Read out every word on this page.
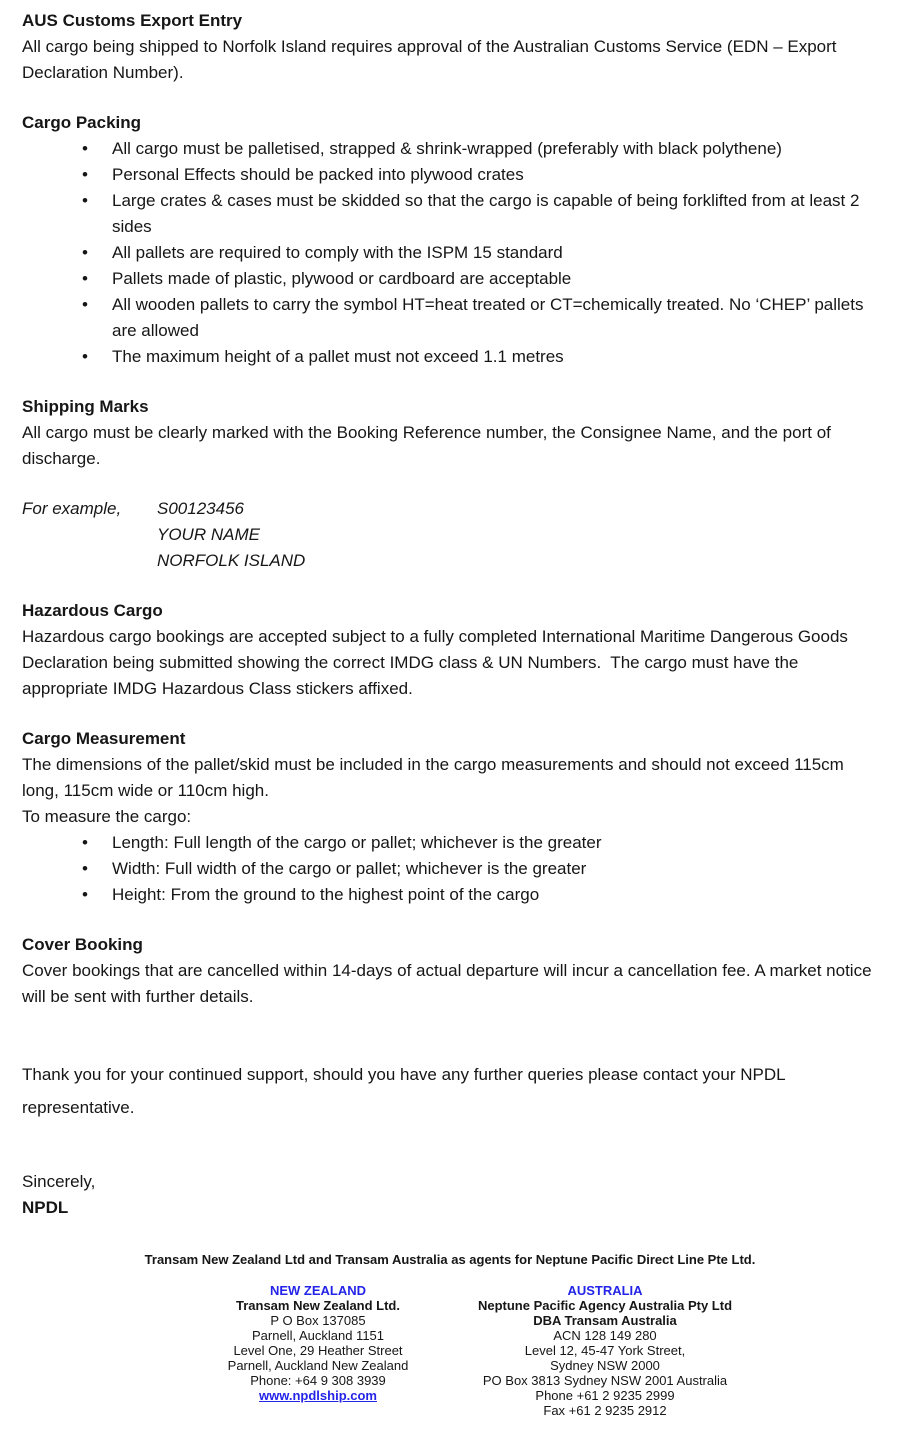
AUS Customs Export Entry
All cargo being shipped to Norfolk Island requires approval of the Australian Customs Service (EDN – Export Declaration Number).
Cargo Packing
• All cargo must be palletised, strapped & shrink-wrapped (preferably with black polythene)
• Personal Effects should be packed into plywood crates
• Large crates & cases must be skidded so that the cargo is capable of being forklifted from at least 2 sides
• All pallets are required to comply with the ISPM 15 standard
• Pallets made of plastic, plywood or cardboard are acceptable
• All wooden pallets to carry the symbol HT=heat treated or CT=chemically treated. No ‘CHEP’ pallets are allowed
• The maximum height of a pallet must not exceed 1.1 metres
Shipping Marks
All cargo must be clearly marked with the Booking Reference number, the Consignee Name, and the port of discharge.
For example,	S00123456
YOUR NAME
NORFOLK ISLAND
Hazardous Cargo
Hazardous cargo bookings are accepted subject to a fully completed International Maritime Dangerous Goods Declaration being submitted showing the correct IMDG class & UN Numbers.  The cargo must have the appropriate IMDG Hazardous Class stickers affixed.
Cargo Measurement
The dimensions of the pallet/skid must be included in the cargo measurements and should not exceed 115cm long, 115cm wide or 110cm high.
To measure the cargo:
• Length: Full length of the cargo or pallet; whichever is the greater
• Width: Full width of the cargo or pallet; whichever is the greater
• Height: From the ground to the highest point of the cargo
Cover Booking
Cover bookings that are cancelled within 14-days of actual departure will incur a cancellation fee. A market notice will be sent with further details.
Thank you for your continued support, should you have any further queries please contact your NPDL representative.
Sincerely,
NPDL
Transam New Zealand Ltd and Transam Australia as agents for Neptune Pacific Direct Line Pte Ltd.
NEW ZEALAND
Transam New Zealand Ltd.
P O Box 137085
Parnell, Auckland 1151
Level One, 29 Heather Street
Parnell, Auckland New Zealand
Phone: +64 9 308 3939
www.npdlship.com
AUSTRALIA
Neptune Pacific Agency Australia Pty Ltd
DBA Transam Australia
ACN 128 149 280
Level 12, 45-47 York Street,
Sydney NSW 2000
PO Box 3813 Sydney NSW 2001 Australia
Phone +61 2 9235 2999
Fax +61 2 9235 2912
